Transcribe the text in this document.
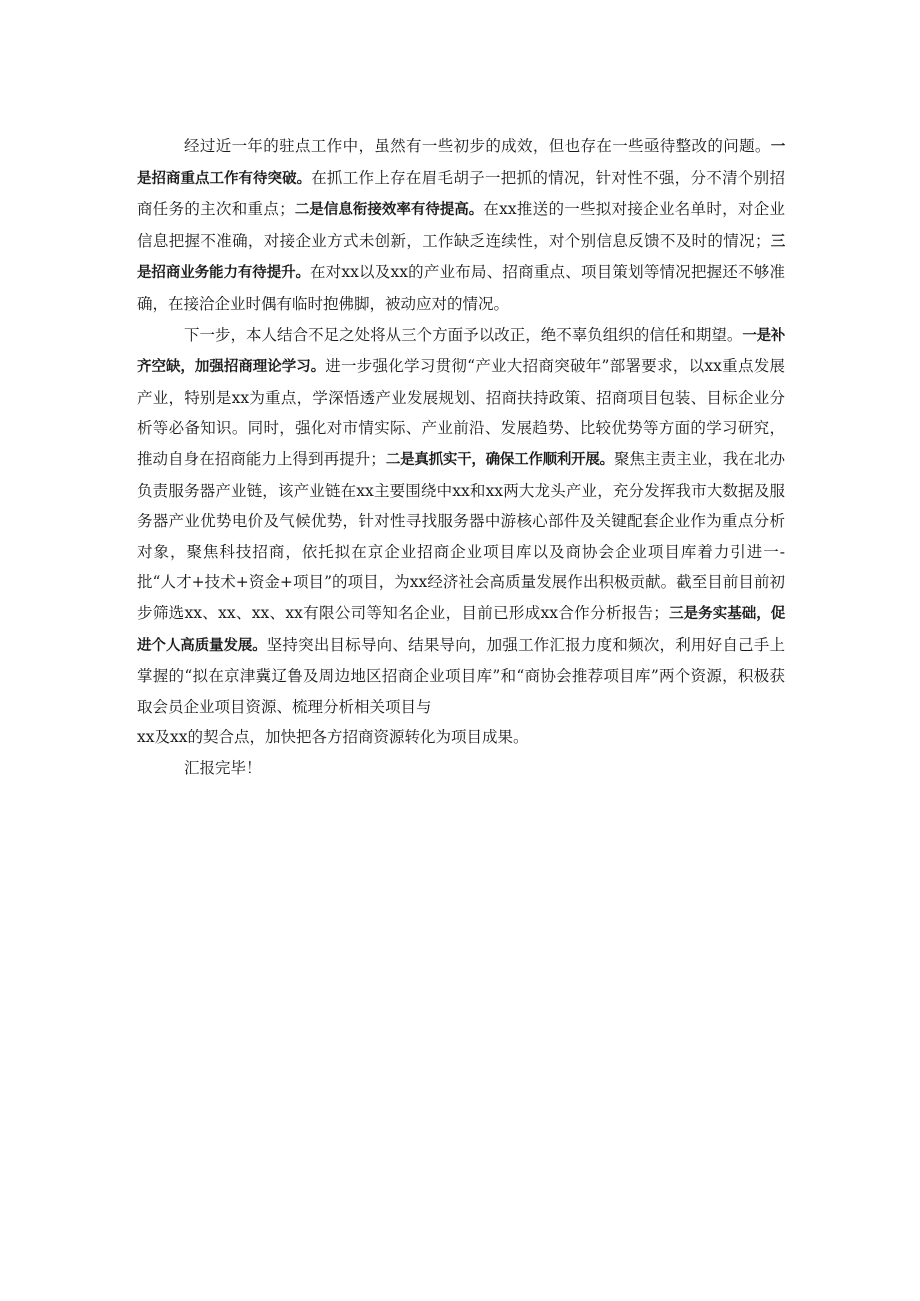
经过近一年的驻点工作中，虽然有一些初步的成效，但也存在一些亟待整改的问题。一是招商重点工作有待突破。在抓工作上存在眉毛胡子一把抓的情况，针对性不强，分不清个别招商任务的主次和重点；二是信息衔接效率有待提高。在xx推送的一些拟对接企业名单时，对企业信息把握不准确，对接企业方式未创新，工作缺乏连续性，对个别信息反馈不及时的情况；三是招商业务能力有待提升。在对xx以及xx的产业布局、招商重点、项目策划等情况把握还不够准确，在接洽企业时偶有临时抱佛脚，被动应对的情况。

下一步，本人结合不足之处将从三个方面予以改正，绝不辜负组织的信任和期望。一是补齐空缺，加强招商理论学习。进一步强化学习贯彻“产业大招商突破年”部署要求，以xx重点发展产业，特别是xx为重点，学深悟透产业发展规划、招商扶持政策、招商项目包装、目标企业分析等必备知识。同时，强化对市情实际、产业前沿、发展趋势、比较优势等方面的学习研究，推动自身在招商能力上得到再提升；二是真抓实干，确保工作顺利开展。聚焦主责主业，我在北办负责服务器产业链，该产业链在xx主要围绕中xx和xx两大龙头产业，充分发挥我市大数据及服务器产业优势电价及气候优势，针对性寻找服务器中游核心部件及关键配套企业作为重点分析对象，聚焦科技招商，依托拟在京企业招商企业项目库以及商协会企业项目库着力引进一-批“人才+技术+资金+项目”的项目，为xx经济社会高质量发展作出积极贡献。截至目前目前初步筛选xx、xx、xx、xx有限公司等知名企业，目前已形成xx合作分析报告；三是务实基础，促进个人高质量发展。坚持突出目标导向、结果导向，加强工作汇报力度和频次，利用好自己手上掌握的“拟在京津冀辽鲁及周边地区招商企业项目库”和“商协会推荐项目库”两个资源，积极获取会员企业项目资源、梳理分析相关项目与

xx及xx的契合点，加快把各方招商资源转化为项目成果。

汇报完毕！
